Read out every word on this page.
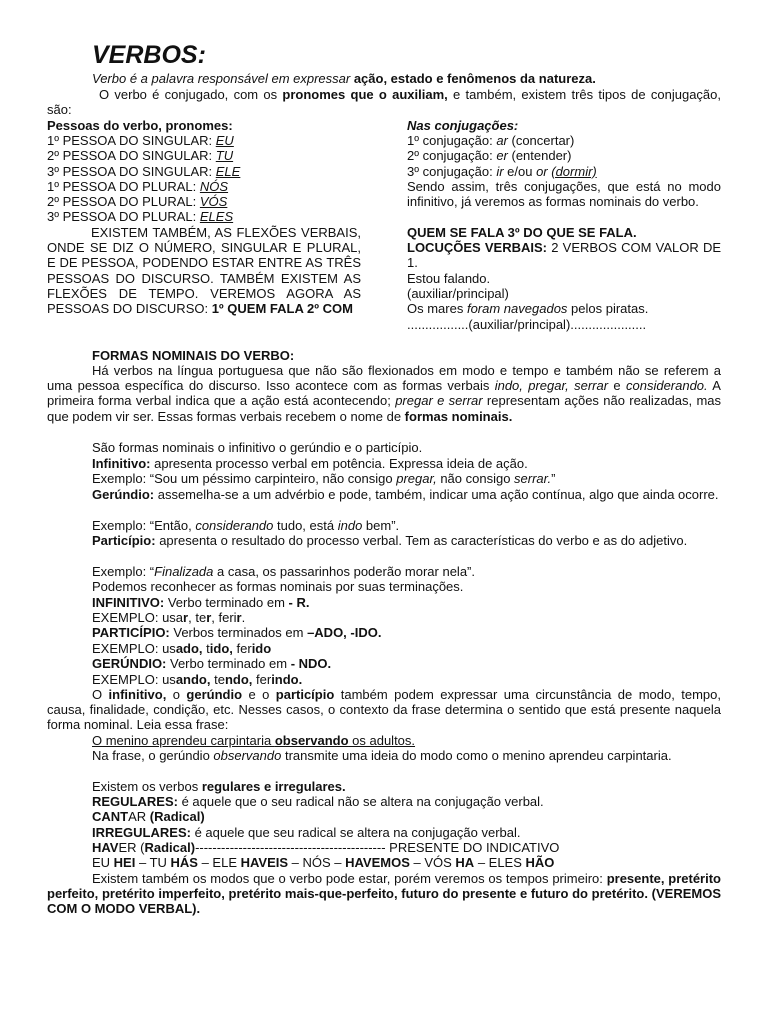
VERBOS:

Verbo é a palavra responsável em expressar ação, estado e fenômenos da natureza.

O verbo é conjugado, com os pronomes que o auxiliam, e também, existem três tipos de conjugação, são:

Pessoas do verbo, pronomes:
1º PESSOA DO SINGULAR: EU
2º PESSOA DO SINGULAR: TU
3º PESSOA DO SINGULAR: ELE
1º PESSOA DO PLURAL: NÓS
2º PESSOA DO PLURAL: VÓS
3º PESSOA DO PLURAL: ELES

EXISTEM TAMBÉM, AS FLEXÕES VERBAIS, ONDE SE DIZ O NÚMERO, SINGULAR E PLURAL, E DE PESSOA, PODENDO ESTAR ENTRE AS TRÊS PESSOAS DO DISCURSO. TAMBÉM EXISTEM AS FLEXÕES DE TEMPO. VEREMOS AGORA AS PESSOAS DO DISCURSO: 1º QUEM FALA 2º COM

Nas conjugações:
1º conjugação: ar (concertar)
2º conjugação: er (entender)
3º conjugação: ir e/ou or (dormir)

Sendo assim, três conjugações, que está no modo infinitivo, já veremos as formas nominais do verbo.

QUEM SE FALA 3º DO QUE SE FALA.

LOCUÇÕES VERBAIS: 2 VERBOS COM VALOR DE 1.

Estou falando.

(auxiliar/principal)

Os mares foram navegados pelos piratas.

.................(auxiliar/principal).....................

FORMAS NOMINAIS DO VERBO:

Há verbos na língua portuguesa que não são flexionados em modo e tempo e também não se referem a uma pessoa específica do discurso. Isso acontece com as formas verbais indo, pregar, serrar e considerando. A primeira forma verbal indica que a ação está acontecendo; pregar e serrar representam ações não realizadas, mas que podem vir ser. Essas formas verbais recebem o nome de formas nominais.

São formas nominais o infinitivo o gerúndio e o particípio.

Infinitivo: apresenta processo verbal em potência. Expressa ideia de ação.

Exemplo: “Sou um péssimo carpinteiro, não consigo pregar, não consigo serrar.”

Gerúndio: assemelha-se a um advérbio e pode, também, indicar uma ação contínua, algo que ainda ocorre.

Exemplo: “Então, considerando tudo, está indo bem”.

Particípio: apresenta o resultado do processo verbal. Tem as características do verbo e as do adjetivo.

Exemplo: “Finalizada a casa, os passarinhos poderão morar nela”.

Podemos reconhecer as formas nominais por suas terminações.

INFINITIVO: Verbo terminado em - R.

EXEMPLO: usar, ter, ferir.

PARTICÍPIO: Verbos terminados em –ADO, -IDO.

EXEMPLO: usado, tido, ferido

GERÚNDIO: Verbo terminado em - NDO.

EXEMPLO: usando, tendo, ferindo.

O infinitivo, o gerúndio e o particípio também podem expressar uma circunstância de modo, tempo, causa, finalidade, condição, etc. Nesses casos, o contexto da frase determina o sentido que está presente naquela forma nominal. Leia essa frase:

O menino aprendeu carpintaria observando os adultos.

Na frase, o gerúndio observando transmite uma ideia do modo como o menino aprendeu carpintaria.

Existem os verbos regulares e irregulares.

REGULARES: é aquele que o seu radical não se altera na conjugação verbal.

CANTAR (Radical)

IRREGULARES: é aquele que seu radical se altera na conjugação verbal.

HAVER (Radical)-------------------------------------------- PRESENTE DO INDICATIVO

EU HEI – TU HÁS – ELE HAVEIS – NÓS – HAVEMOS – VÓS HA – ELES HÃO

Existem também os modos que o verbo pode estar, porém veremos os tempos primeiro: presente, pretérito perfeito, pretérito imperfeito, pretérito mais-que-perfeito, futuro do presente e futuro do pretérito. (VEREMOS COM O MODO VERBAL).
